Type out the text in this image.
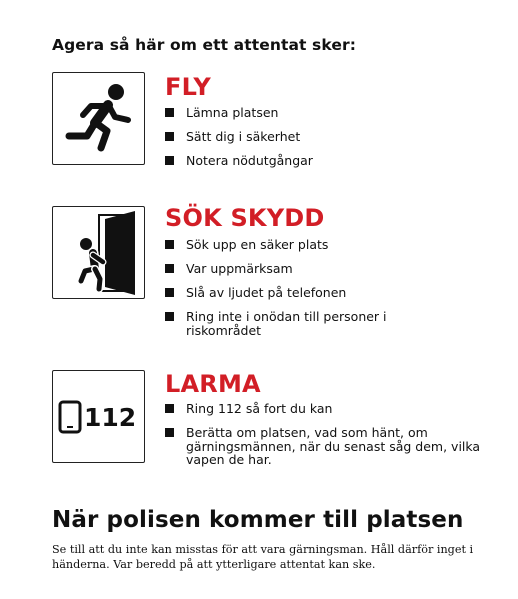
Agera så här om ett attentat sker:
FLY
Lämna platsen
Sätt dig i säkerhet
Notera nödutgångar
SÖK SKYDD
Sök upp en säker plats
Var uppmärksam
Slå av ljudet på telefonen
Ring inte i onödan till personer i riskområdet
112
LARMA
Ring 112 så fort du kan
Berätta om platsen, vad som hänt, om gärningsmännen, när du senast såg dem, vilka vapen de har.
När polisen kommer till platsen
Se till att du inte kan misstas för att vara gärningsman. Håll därför inget i händerna. Var beredd på att ytterligare attentat kan ske.
